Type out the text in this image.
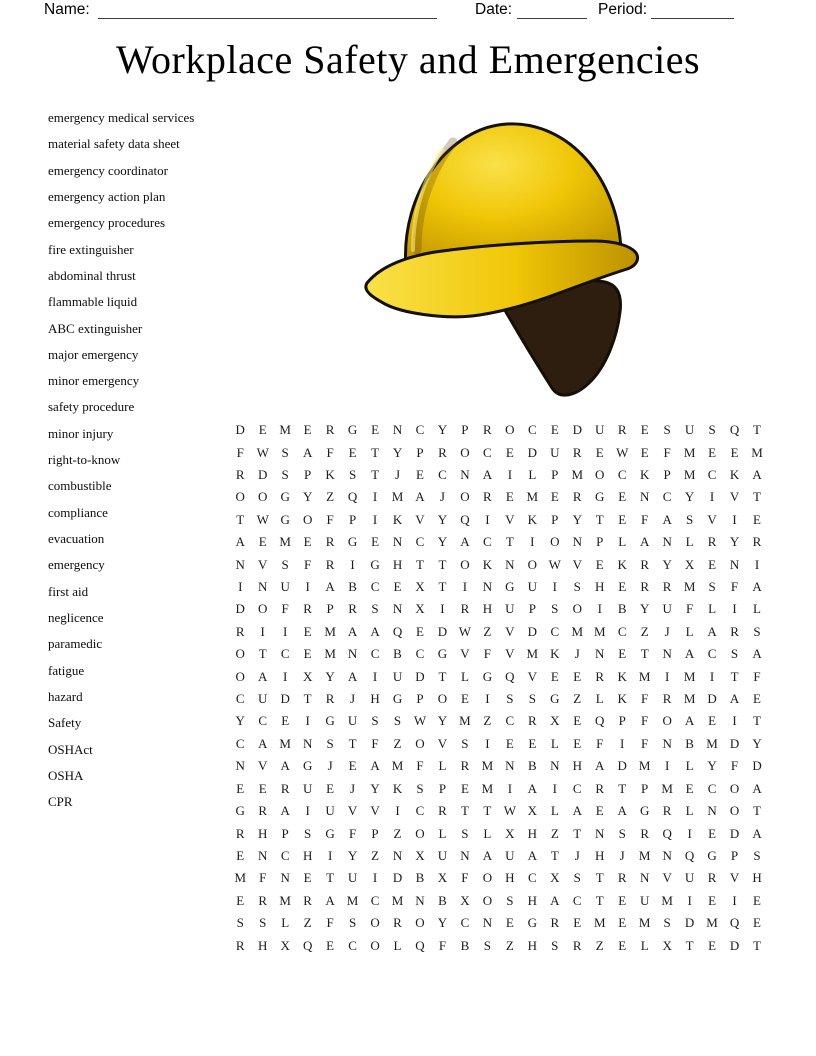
Name:	Date:	Period:
Workplace Safety and Emergencies
emergency medical services
material safety data sheet
emergency coordinator
emergency action plan
emergency procedures
fire extinguisher
abdominal thrust
flammable liquid
ABC extinguisher
major emergency
minor emergency
safety procedure
minor injury
right-to-know
combustible
compliance
evacuation
emergency
first aid
neglicence
paramedic
fatigue
hazard
Safety
OSHAct
OSHA
CPR
D	E M E	R	G	E	N	C	Y	P	R	O	C	E	D	U	R	E	S	U	S	Q	T
F W S	A	F	E	T	Y	P	R	O	C	E	D	U	R	E W E	F	M E	E M
R	D	S	P	K	S	T	J	E	C	N	A	I	L	P	M O	C	K	P	M C	K	A
O	O	G	Y	Z	Q	I	M A	J	O	R	E M E	R	G	E	N	C	Y	I	V	T
T W G	O	F	P	I	K	V	Y	Q	I	V	K	P	Y	T	E	F	A	S	V	I	E
A	E M E	R	G	E	N	C	Y	A	C	T	I	O	N	P	L	A	N	L	R	Y	R
N	V	S	F	R	I	G	H	T	T	O	K	N	O W V	E	K	R	Y	X	E	N	I
I	N	U	I	A	B	C	E	X	T	I	N	G	U	I	S	H	E	R	R M	S	F	A
D	O	F	R	P	R	S	N	X	I	R	H	U	P	S	O	I	B	Y	U	F	L	I	L
R	I	I	E M A	A	Q	E	D W Z	V	D	C M M C	Z	J	L	A	R	S
O	T	C	E M N	C	B	C	G	V	F	V M K	J	N	E	T	N	A	C	S	A
O	A	I	X	Y	A	I	U	D	T	L	G	Q	V	E	E	R	K M	I	M	I	T	F
C	U	D	T	R	J	H	G	P	O	E	I	S	S	G	Z	L	K	F	R M D	A	E
Y	C	E	I	G	U	S	S W Y M Z	C	R	X	E	Q	P	F	O	A	E	I	T
C	A M N	S	T	F	Z	O	V	S	I	E	E	L	E	F	I	F	N	B M D	Y
N	V	A	G	J	E	A M	F	L	R M N	B	N	H	A	D M	I	L	Y	F	D
E	E	R	U	E	J	Y	K	S	P	E M	I	A	I	C	R	T	P	M E	C	O	A
G	R	A	I	U	V	V	I	C	R	T	T W X	L	A	E	A	G	R	L	N	O	T
R	H	P	S	G	F	P	Z	O	L	S	L	X	H	Z	T	N	S	R	Q	I	E	D	A
E	N	C	H	I	Y	Z	N	X	U	N	A	U	A	T	J	H	J	M N	Q	G	P	S
M	F	N	E	T	U	I	D	B	X	F	O	H	C	X	S	T	R	N	V	U	R	V	H
E	R M R	A M C M N	B	X	O	S	H	A	C	T	E	U M	I	E	I	E
S	S	L	Z	F	S	O	R	O	Y	C	N	E	G	R	E M E M	S	D M Q	E
R	H	X	Q	E	C	O	L	Q	F	B	S	Z	H	S	R	Z	E	L	X	T	E	D	T
